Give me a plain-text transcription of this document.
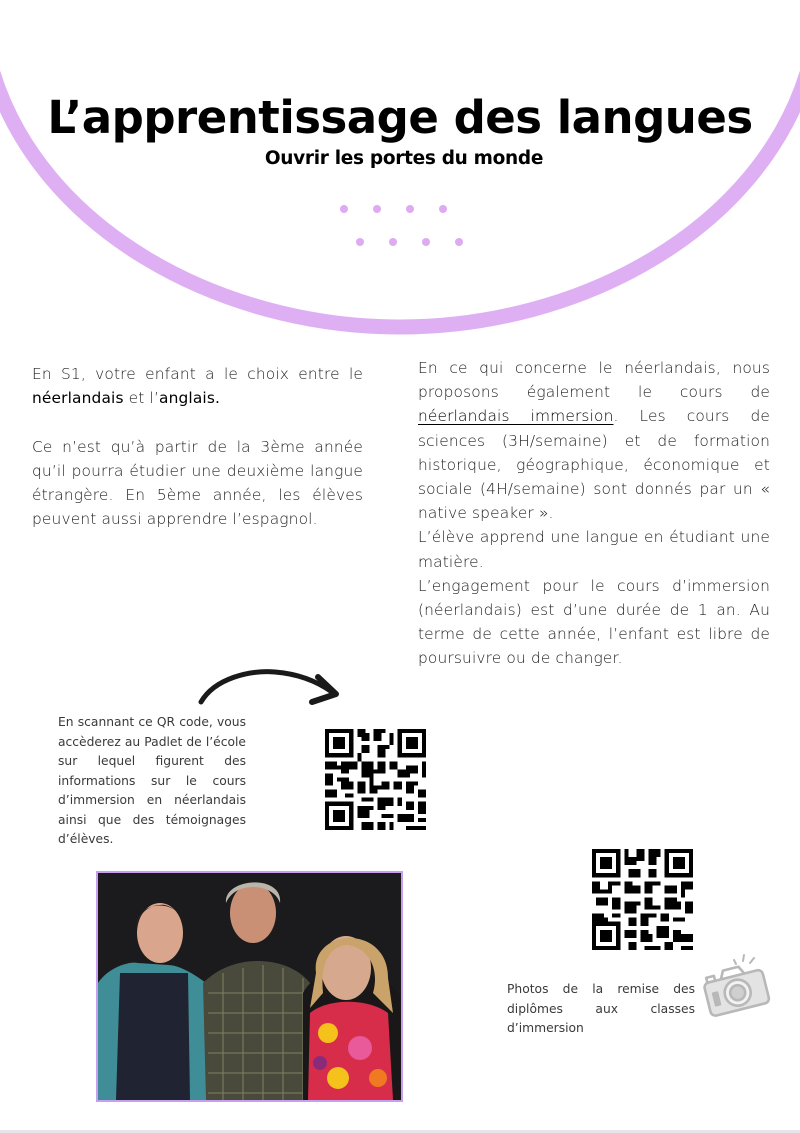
L’apprentissage des langues
Ouvrir les portes du monde

En S1, votre enfant a le choix entre le néerlandais et l’anglais.

Ce n’est qu’à partir de la 3ème année qu’il pourra étudier une deuxième langue étrangère. En 5ème année, les élèves peuvent aussi apprendre l’espagnol.

En ce qui concerne le néerlandais, nous proposons également le cours de néerlandais immersion. Les cours de sciences (3H/semaine) et de formation historique, géographique, économique et sociale (4H/semaine) sont donnés par un « native speaker ».

L’élève apprend une langue en étudiant une matière.

L’engagement pour le cours d’immersion (néerlandais) est d’une durée de 1 an. Au terme de cette année, l’enfant est libre de poursuivre ou de changer.

En scannant ce QR code, vous accèderez au Padlet de l’école sur lequel figurent des informations sur le cours d’immersion en néerlandais ainsi que des témoignages d’élèves.

Photos de la remise des diplômes aux classes d’immersion
